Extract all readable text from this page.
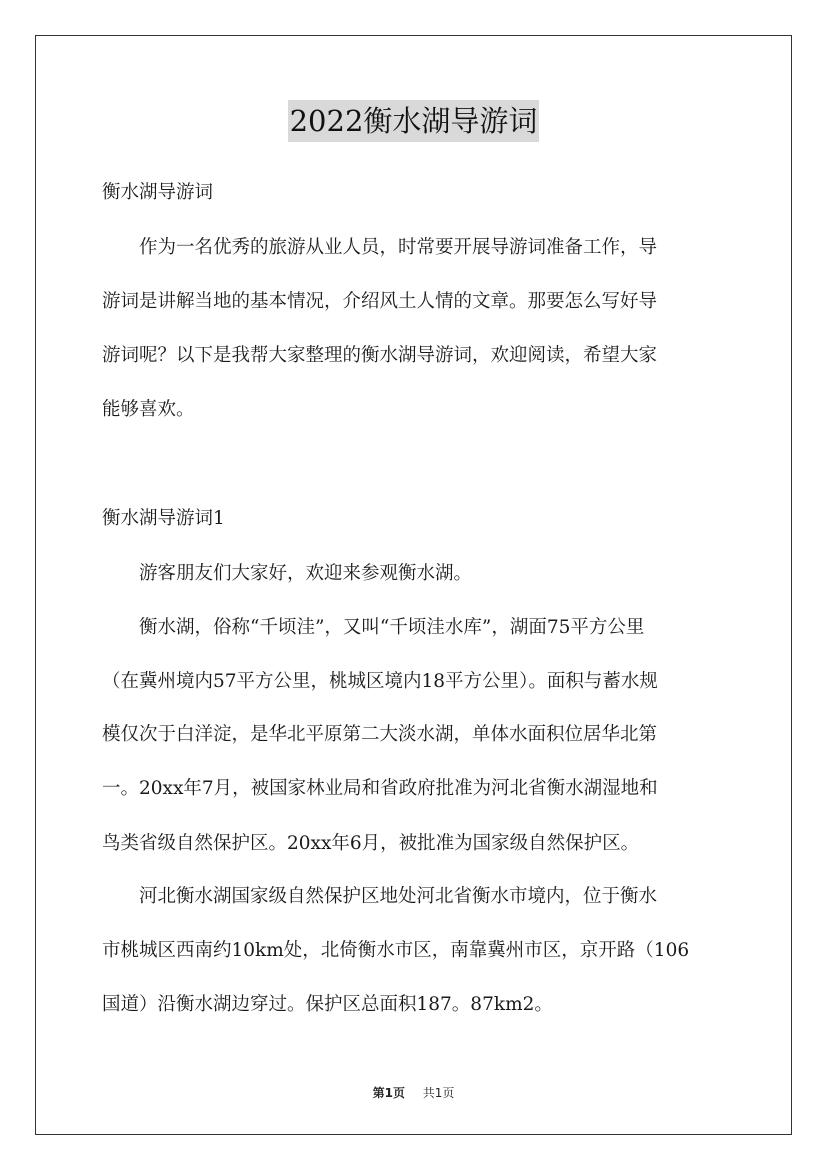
2022衡水湖导游词

衡水湖导游词

作为一名优秀的旅游从业人员，时常要开展导游词准备工作，导

游词是讲解当地的基本情况，介绍风土人情的文章。那要怎么写好导

游词呢？以下是我帮大家整理的衡水湖导游词，欢迎阅读，希望大家

能够喜欢。

衡水湖导游词1

游客朋友们大家好，欢迎来参观衡水湖。

衡水湖，俗称“千顷洼”，又叫“千顷洼水库”，湖面75平方公里

（在冀州境内57平方公里，桃城区境内18平方公里）。面积与蓄水规

模仅次于白洋淀，是华北平原第二大淡水湖，单体水面积位居华北第

一。20xx年7月，被国家林业局和省政府批准为河北省衡水湖湿地和

鸟类省级自然保护区。20xx年6月，被批准为国家级自然保护区。

河北衡水湖国家级自然保护区地处河北省衡水市境内，位于衡水

市桃城区西南约10km处，北倚衡水市区，南靠冀州市区，京开路（106

国道）沿衡水湖边穿过。保护区总面积187。87km2。

第1页 共1页
